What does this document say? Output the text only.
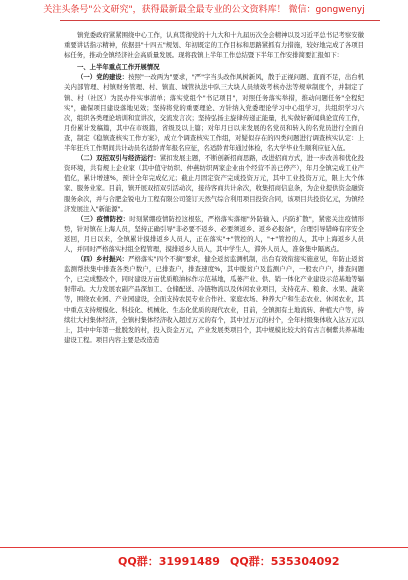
关注头条号"公文研究"，获得最新最全最专业的公文资料库！ 微信：gongwenyj

镇党委政府紧紧围绕中心工作，认真贯彻党的十九大和十九届历次全会精神以及习近平总书记考察安徽重要讲话指示精神，依据县"十四五"规划、年初既定的工作目标和思路紧抓有力措施，较好地完成了各项目标任务，推动全镇经济社会高质量发展。现将我镇上半年工作总结暨下半年工作安排简要汇报如下：

一、上半年重点工作开展情况

（一）党的建设：按照"一改两为"要求，"严"字当头改作风树新风，散于正视问题、直面不足，出台机关内部管理、村镇财务管理、村、镇直、城管执法中队三大块人员绩效考核办法等规章制度个，并制定了镇、村（社区）为民办件实事清单；落实党组个"书记项目"，对照任务落实举措，推动问题任务"全程纪实"，确保项目建设落地见效；坚持将党的重要理论、方针纳入党委理论学习中心组学习，共组织学习六次，组织各类理论培训和宣讲次，交流发言次；坚持弘扬主旋律传递正能量，扎实做好新闻典论宣传工作，月份累计发稿篇，其中在市级篇，省级及以上篇；对年月日以来发展的名党员和转入的名党员进行全面自查，制定《稳镇查核实工作方案》，成立个调查核实工作组，对疑似存在的四类问题进行调查核实认定：上半年狂兵工作期间共计动员名适龄青年报名应征，名适龄青年通过体检，名大学毕业生顺利应征入伍。

（二）双招双引与经济运行：紧扣发展主题，不断创新招商思路，改进招商方式，进一步改善和优化投资环境，共有规上企业家（其中值守纺织、仲燕纺织两家企业由个经营不善已停产），年月全镇完成工业产值亿，累计增速%，预计全年完成亿元；截止月固定资产完成投资万元，其中工业投资万元，限上大个体家、服务业家。目前，镇开展双招双引活动次，接待客商共计余次，收集招商信息条，为企业提供资金融资服务余次，并与合肥金锐电力工程有限公司签订天然气综合利用项目投资合同，该项目共投资亿元，为镇经济发展注入"新能源"。

（三）疫情防控：时刻紧绷疫情防控这根弦，严格落实落细"外防输入、内防扩散"，紧密关注疫情形势，针对镇在上海人员，坚持正确引导"非必要不返乡、必要须返乡、返乡必报备"，合理引导错峰有序安全返回，月日以来，全镇累计摸排返乡人员人，正在落实"+"管控的人，"+"管控的人，其中上海返乡人员人，并同时严格落实村组全程管理，摸排返乡人员人，其中学生人，滞外人员人，准备集中隔离点。

（四）乡村振兴：严格落实"四个不摘"要求，健全返贫监测机制，出台有效衔接实施意见，年防止返贫监测帮扶集中排查各类户数户，已排查户，排查速度%，其中脱贫户及监测户户，一般农户户，排查问题个，已完成整改个，同时建设万亩优质粮油标作示范基地，瓜蒌产业、供、销一体化产业建设示范基地等辐射带动。大力发展农副产品深加工、仓储配送、冷链物流以及休闲农业项目，支持花卉、粮食、水果、蔬菜等，围绕农业园、产业园建设，全面支持农民专业合作社、家庭农场、种养大户和生态农业、休闲农业，其中重点支持规模化、科技化、机械化、生态化优质的现代农业，目前，全镇拥有土地流转、种植大户等，持续壮大村集体经济，全镇村集体经济收入超过万元的有个，其中过万元的村个，全年村级集体收入达万元以上，其中中年第一批脱发的村，投入资金万元，产业发展类项目个，其中规模比较大的有古言桐紫共养基地建设工程。项目内容主要是改造造

QQ群：31991489 QQ群：535304092
